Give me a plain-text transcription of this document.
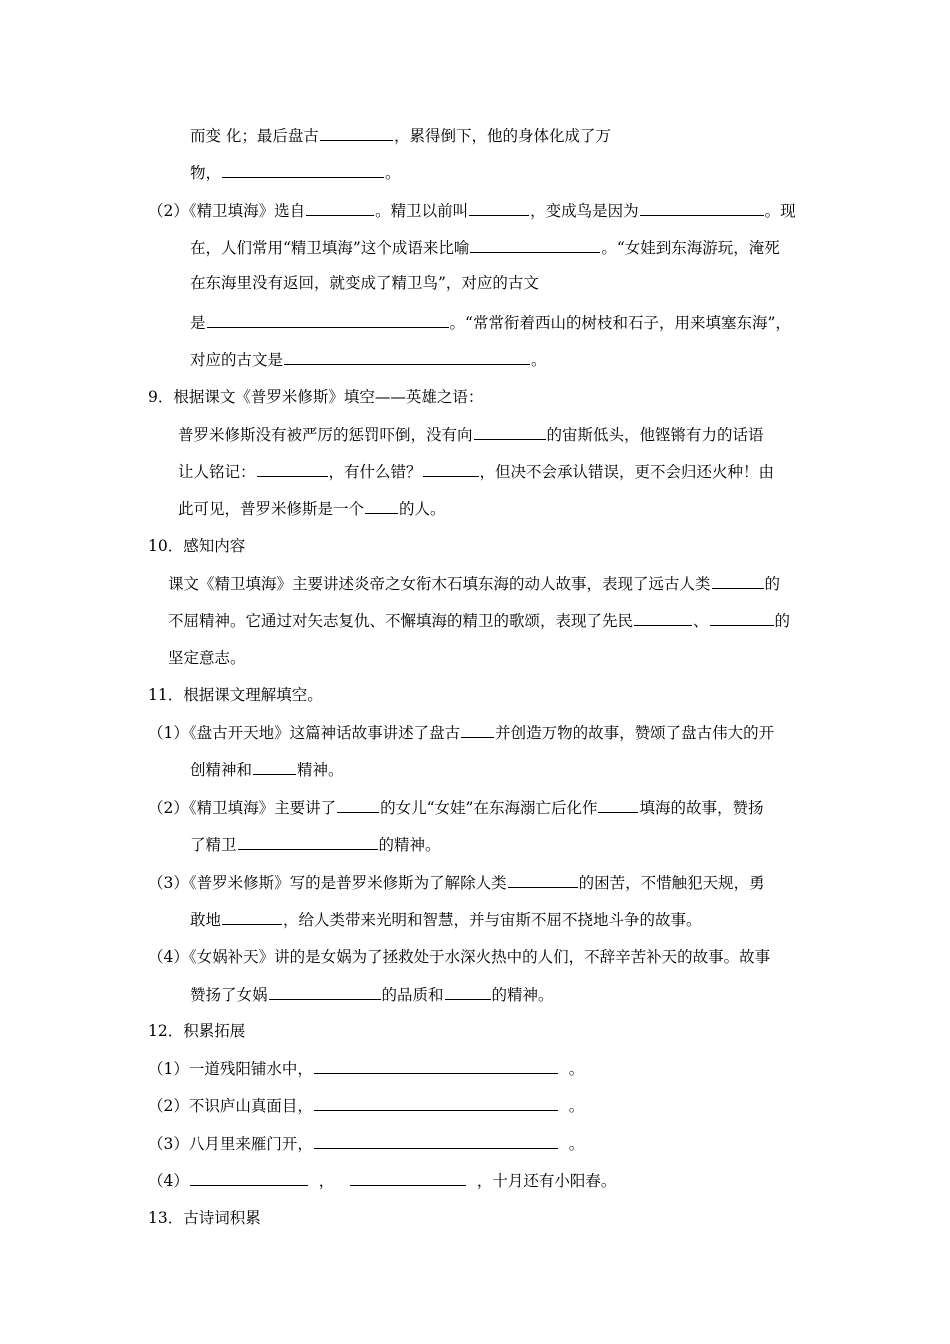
而变 化；最后盘古	，累得倒下，他的身体化成了万
物，	。
（2）《精卫填海》选自	。精卫以前叫	，变成鸟是因为	。现
在，人们常用“精卫填海”这个成语来比喻	。“女娃到东海游玩，淹死
在东海里没有返回，就变成了精卫鸟”，对应的古文
是	。“常常衔着西山的树枝和石子，用来填塞东海”，
对应的古文是	。
9．根据课文《普罗米修斯》填空——英雄之语：
普罗米修斯没有被严厉的惩罚吓倒，没有向	的宙斯低头，他铿锵有力的话语
让人铭记：	，有什么错？	，但决不会承认错误，更不会归还火种！由
此可见，普罗米修斯是一个 的人。
10．感知内容
课文《精卫填海》主要讲述炎帝之女衔木石填东海的动人故事，表现了远古人类	的
不屈精神。它通过对矢志复仇、不懈填海的精卫的歌颂，表现了先民	、	的
坚定意志。
11．根据课文理解填空。
（1）《盘古开天地》这篇神话故事讲述了盘古 并创造万物的故事，赞颂了盘古伟大的开
创精神和	精神。
（2）《精卫填海》主要讲了	的女儿“女娃”在东海溺亡后化作	填海的故事，赞扬
了精卫	的精神。
（3）《普罗米修斯》写的是普罗米修斯为了解除人类	的困苦，不惜触犯天规，勇
敢地	，给人类带来光明和智慧，并与宙斯不屈不挠地斗争的故事。
（4）《女娲补天》讲的是女娲为了拯救处于水深火热中的人们，不辞辛苦补天的故事。故事
赞扬了女娲	的品质和	的精神。
12．积累拓展
（1）一道残阳铺水中，	。
（2）不识庐山真面目，	。
（3）八月里来雁门开，	。
（4）	，	，十月还有小阳春。
13．古诗词积累
